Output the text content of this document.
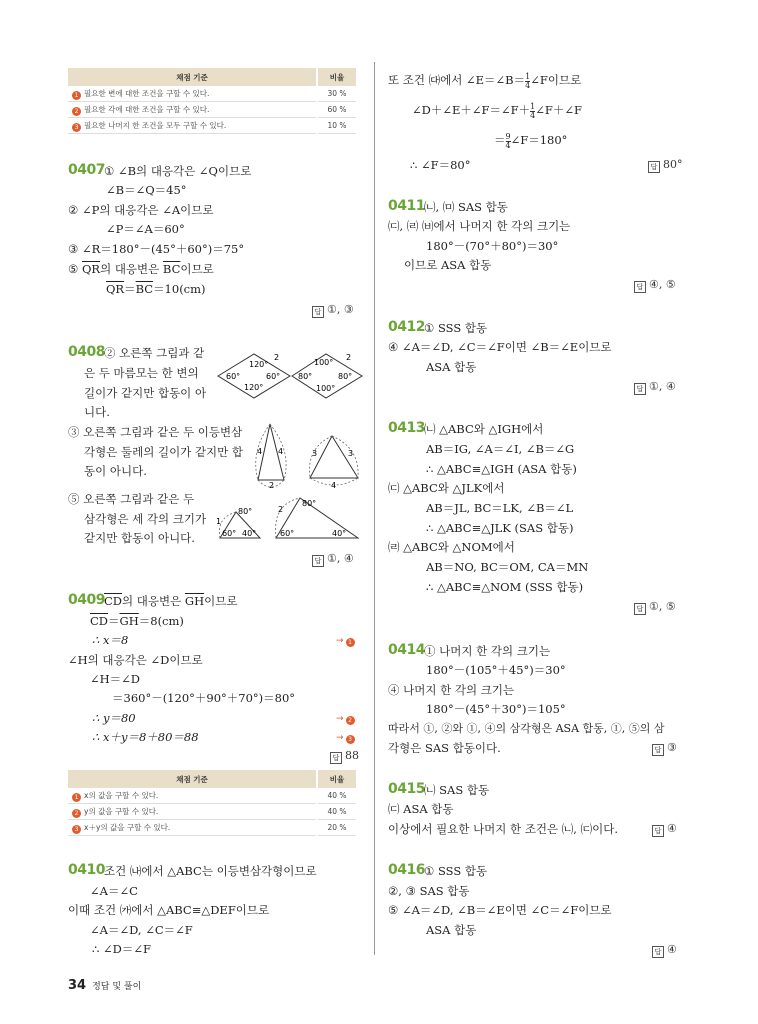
채점 기준	비율
1 필요한 변에 대한 조건을 구할 수 있다.	30 %
2 필요한 각에 대한 조건을 구할 수 있다.	60 %
3 필요한 나머지 한 조건을 모두 구할 수 있다.	10 %
0407 ① ∠B의 대응각은 ∠Q이므로
∠B＝∠Q＝45°
② ∠P의 대응각은 ∠A이므로
∠P＝∠A＝60°
③ ∠R＝180°－(45°＋60°)＝75°
⑤ $\overline{QR}$의 대응변은 $\overline{BC}$이므로
$\overline{QR}=\overline{BC}=10(cm)$
답 ①, ③
0408 ② 오른쪽 그림과 같
은 두 마름모는 한 변의
길이가 같지만 합동이 아
니다.
③ 오른쪽 그림과 같은 두 이등변삼
각형은 둘레의 길이가 같지만 합
동이 아니다.
⑤ 오른쪽 그림과 같은 두
삼각형은 세 각의 크기가
같지만 합동이 아니다.
120°
60°	60°
120°
2
100°
80°	80°
100°
2
4 4
2
3	3
4
80°
1
60° 40°
80°
2
60°	40°
답 ①, ④
0409 $\overline{CD}$의 대응변은 $\overline{GH}$이므로
$\overline{CD}=\overline{GH}=8(cm)$
∴ x＝8	→ 1
∠H의 대응각은 ∠D이므로
∠H＝∠D
＝360°－(120°＋90°＋70°)＝80°
∴ y＝80	→ 2
∴ x＋y＝8＋80＝88	→ 3
답 88
채점 기준	비율
1 x의 값을 구할 수 있다.	40 %
2 y의 값을 구할 수 있다.	40 %
3 x＋y의 값을 구할 수 있다.	20 %
0410 조건 ㈏에서 △ABC는 이등변삼각형이므로
∠A＝∠C
이때 조건 ㈎에서 △ABC≡△DEF이므로
∠A＝∠D, ∠C＝∠F
∴ ∠D＝∠F
34 정답 및 풀이
또 조건 ㈐에서 ∠E＝∠B＝ $\frac{1}{4}$ ∠F이므로
∠D＋∠E＋∠F＝∠F＋ $\frac{1}{4}$ ∠F＋∠F
＝ $\frac{9}{4}$ ∠F＝180°
∴ ∠F＝80°	답 80°
0411 ㈁, ㈄ SAS 합동
㈂, ㈃ ㈅에서 나머지 한 각의 크기는
180°－(70°＋80°)＝30°
이므로 ASA 합동
답 ④, ⑤
0412 ① SSS 합동
④ ∠A＝∠D, ∠C＝∠F이면 ∠B＝∠E이므로
ASA 합동
답 ①, ④
0413 ㈁ △ABC와 △IGH에서
AB＝IG, ∠A＝∠I, ∠B＝∠G
∴ △ABC≡△IGH (ASA 합동)
㈂ △ABC와 △JLK에서
AB＝JL, BC＝LK, ∠B＝∠L
∴ △ABC≡△JLK (SAS 합동)
㈃ △ABC와 △NOM에서
AB＝NO, BC＝OM, CA＝MN
∴ △ABC≡△NOM (SSS 합동)
답 ①, ⑤
0414 ① 나머지 한 각의 크기는
180°－(105°＋45°)＝30°
④ 나머지 한 각의 크기는
180°－(45°＋30°)＝105°
따라서 ①, ②와 ①, ④의 삼각형은 ASA 합동, ①, ⑤의 삼
각형은 SAS 합동이다.	답 ③
0415 ㈁ SAS 합동
㈂ ASA 합동
이상에서 필요한 나머지 한 조건은 ㈁, ㈂이다.	답 ④
0416 ① SSS 합동
②, ③ SAS 합동
⑤ ∠A＝∠D, ∠B＝∠E이면 ∠C＝∠F이므로
ASA 합동
답 ④
